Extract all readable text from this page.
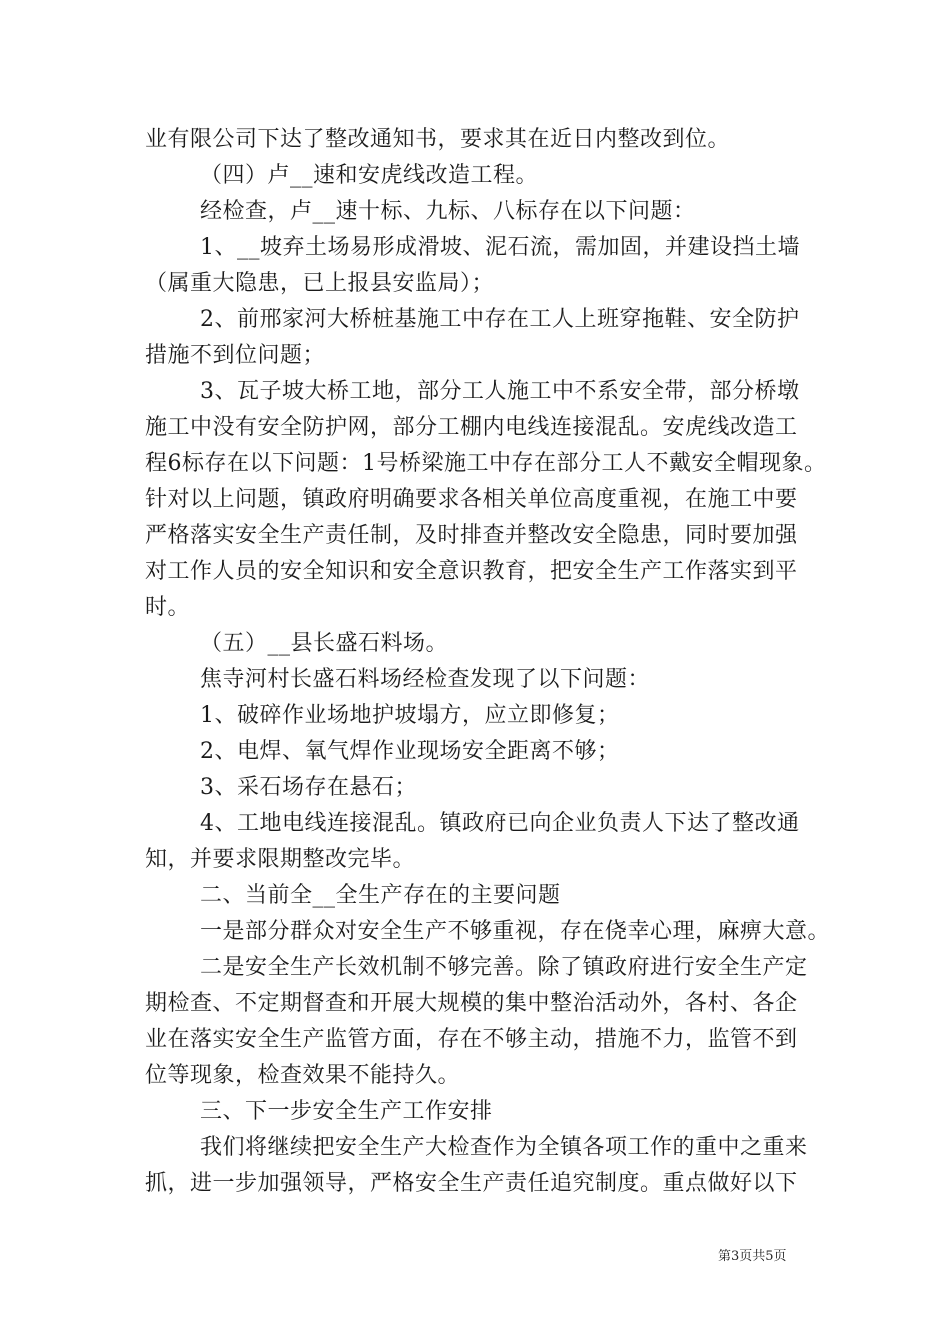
业有限公司下达了整改通知书，要求其在近日内整改到位。
（四）卢__速和安虎线改造工程。
经检查，卢__速十标、九标、八标存在以下问题：
1、__坡弃土场易形成滑坡、泥石流，需加固，并建设挡土墙
（属重大隐患，已上报县安监局）；
2、前邢家河大桥桩基施工中存在工人上班穿拖鞋、安全防护
措施不到位问题；
3、瓦子坡大桥工地，部分工人施工中不系安全带，部分桥墩
施工中没有安全防护网，部分工棚内电线连接混乱。安虎线改造工
程6标存在以下问题：1号桥梁施工中存在部分工人不戴安全帽现象。
针对以上问题，镇政府明确要求各相关单位高度重视，在施工中要
严格落实安全生产责任制，及时排查并整改安全隐患，同时要加强
对工作人员的安全知识和安全意识教育，把安全生产工作落实到平
时。
（五）__县长盛石料场。
焦寺河村长盛石料场经检查发现了以下问题：
1、破碎作业场地护坡塌方，应立即修复；
2、电焊、氧气焊作业现场安全距离不够；
3、采石场存在悬石；
4、工地电线连接混乱。镇政府已向企业负责人下达了整改通
知，并要求限期整改完毕。
二、当前全__全生产存在的主要问题
一是部分群众对安全生产不够重视，存在侥幸心理，麻痹大意。
二是安全生产长效机制不够完善。除了镇政府进行安全生产定
期检查、不定期督查和开展大规模的集中整治活动外，各村、各企
业在落实安全生产监管方面，存在不够主动，措施不力，监管不到
位等现象，检查效果不能持久。
三、下一步安全生产工作安排
我们将继续把安全生产大检查作为全镇各项工作的重中之重来
抓，进一步加强领导，严格安全生产责任追究制度。重点做好以下
第3页共5页
